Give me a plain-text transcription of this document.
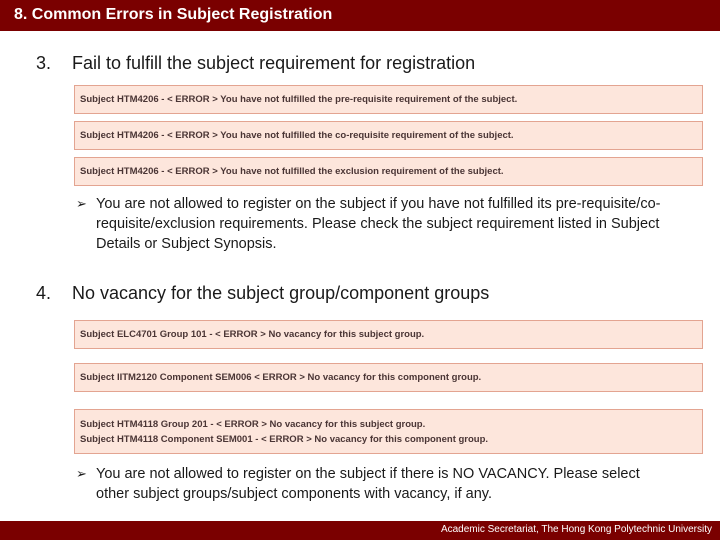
8. Common Errors in Subject Registration
3. Fail to fulfill the subject requirement for registration
Subject HTM4206 - < ERROR > You have not fulfilled the pre-requisite requirement of the subject.
Subject HTM4206 - < ERROR > You have not fulfilled the co-requisite requirement of the subject.
Subject HTM4206 - < ERROR > You have not fulfilled the exclusion requirement of the subject.
➢ You are not allowed to register on the subject if you have not fulfilled its pre-requisite/co-requisite/exclusion requirements. Please check the subject requirement listed in Subject Details or Subject Synopsis.
4. No vacancy for the subject group/component groups
Subject ELC4701 Group 101 - < ERROR > No vacancy for this subject group.
Subject IITM2120 Component SEM006 < ERROR > No vacancy for this component group.
Subject HTM4118 Group 201 - < ERROR > No vacancy for this subject group.
Subject HTM4118 Component SEM001 - < ERROR > No vacancy for this component group.
➢ You are not allowed to register on the subject if there is NO VACANCY. Please select other subject groups/subject components with vacancy, if any.
Academic Secretariat, The Hong Kong Polytechnic University
